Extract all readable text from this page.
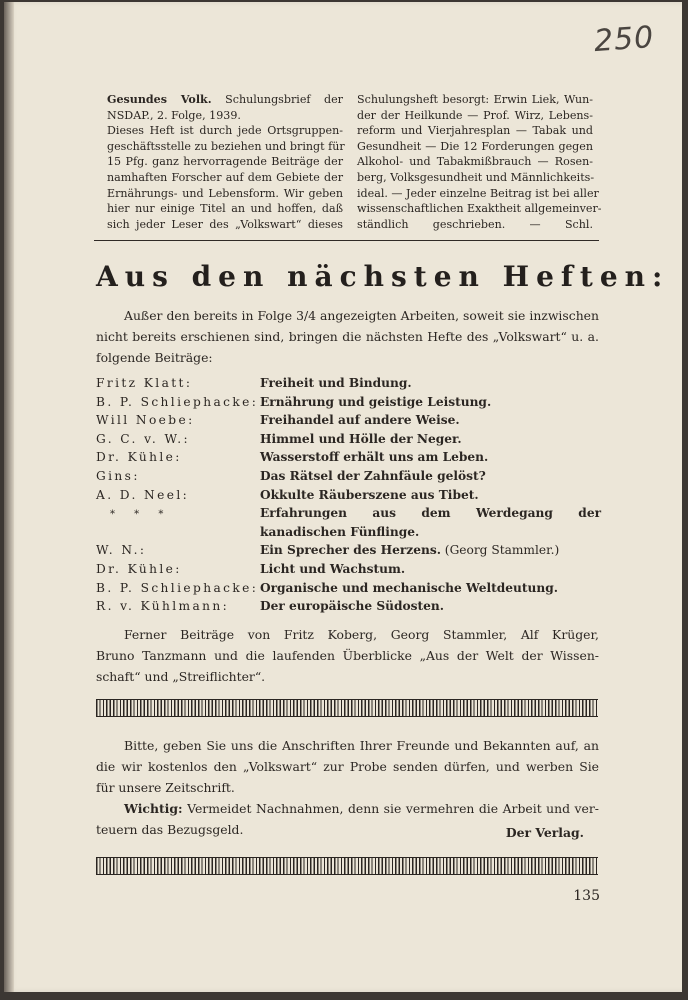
250
Gesundes Volk. Schulungsbrief der
NSDAP., 2. Folge, 1939.
Dieses Heft ist durch jede Ortsgruppen-
geschäftsstelle zu beziehen und bringt für
15 Pfg. ganz hervorragende Beiträge der
namhaften Forscher auf dem Gebiete der
Ernährungs- und Lebensform. Wir geben
hier nur einige Titel an und hoffen, daß
sich jeder Leser des „Volkswart“ dieses
Schulungsheft besorgt: Erwin Liek, Wun-
der der Heilkunde — Prof. Wirz, Lebens-
reform und Vierjahresplan — Tabak und
Gesundheit — Die 12 Forderungen gegen
Alkohol- und Tabakmißbrauch — Rosen-
berg, Volksgesundheit und Männlichkeits-
ideal. — Jeder einzelne Beitrag ist bei aller
wissenschaftlichen Exaktheit allgemeinver-
ständlich geschrieben. — Schl.
Aus den nächsten Heften:
Außer den bereits in Folge 3/4 angezeigten Arbeiten, soweit sie inzwischen
nicht bereits erschienen sind, bringen die nächsten Hefte des „Volkswart“ u. a.
folgende Beiträge:
Fritz Klatt:	Freiheit und Bindung.
B. P. Schliephacke: Ernährung und geistige Leistung.
Will Noebe:	Freihandel auf andere Weise.
G. C. v. W.:	Himmel und Hölle der Neger.
Dr. Kühle:	Wasserstoff erhält uns am Leben.
Gins:	Das Rätsel der Zahnfäule gelöst?
A. D. Neel:	Okkulte Räuberszene aus Tibet.
* * *	Erfahrungen aus dem Werdegang der kanadischen Fünflinge.
W. N.:	Ein Sprecher des Herzens. (Georg Stammler.)
Dr. Kühle:	Licht und Wachstum.
B. P. Schliephacke: Organische und mechanische Weltdeutung.
R. v. Kühlmann:	Der europäische Südosten.
Ferner Beiträge von Fritz Koberg, Georg Stammler, Alf Krüger,
Bruno Tanzmann und die laufenden Überblicke „Aus der Welt der Wissen-
schaft“ und „Streiflichter“.
Bitte, geben Sie uns die Anschriften Ihrer Freunde und Bekannten auf, an
die wir kostenlos den „Volkswart“ zur Probe senden dürfen, und werben Sie
für unsere Zeitschrift.
Wichtig: Vermeidet Nachnahmen, denn sie vermehren die Arbeit und ver-
teuern das Bezugsgeld.	Der Verlag.
135
